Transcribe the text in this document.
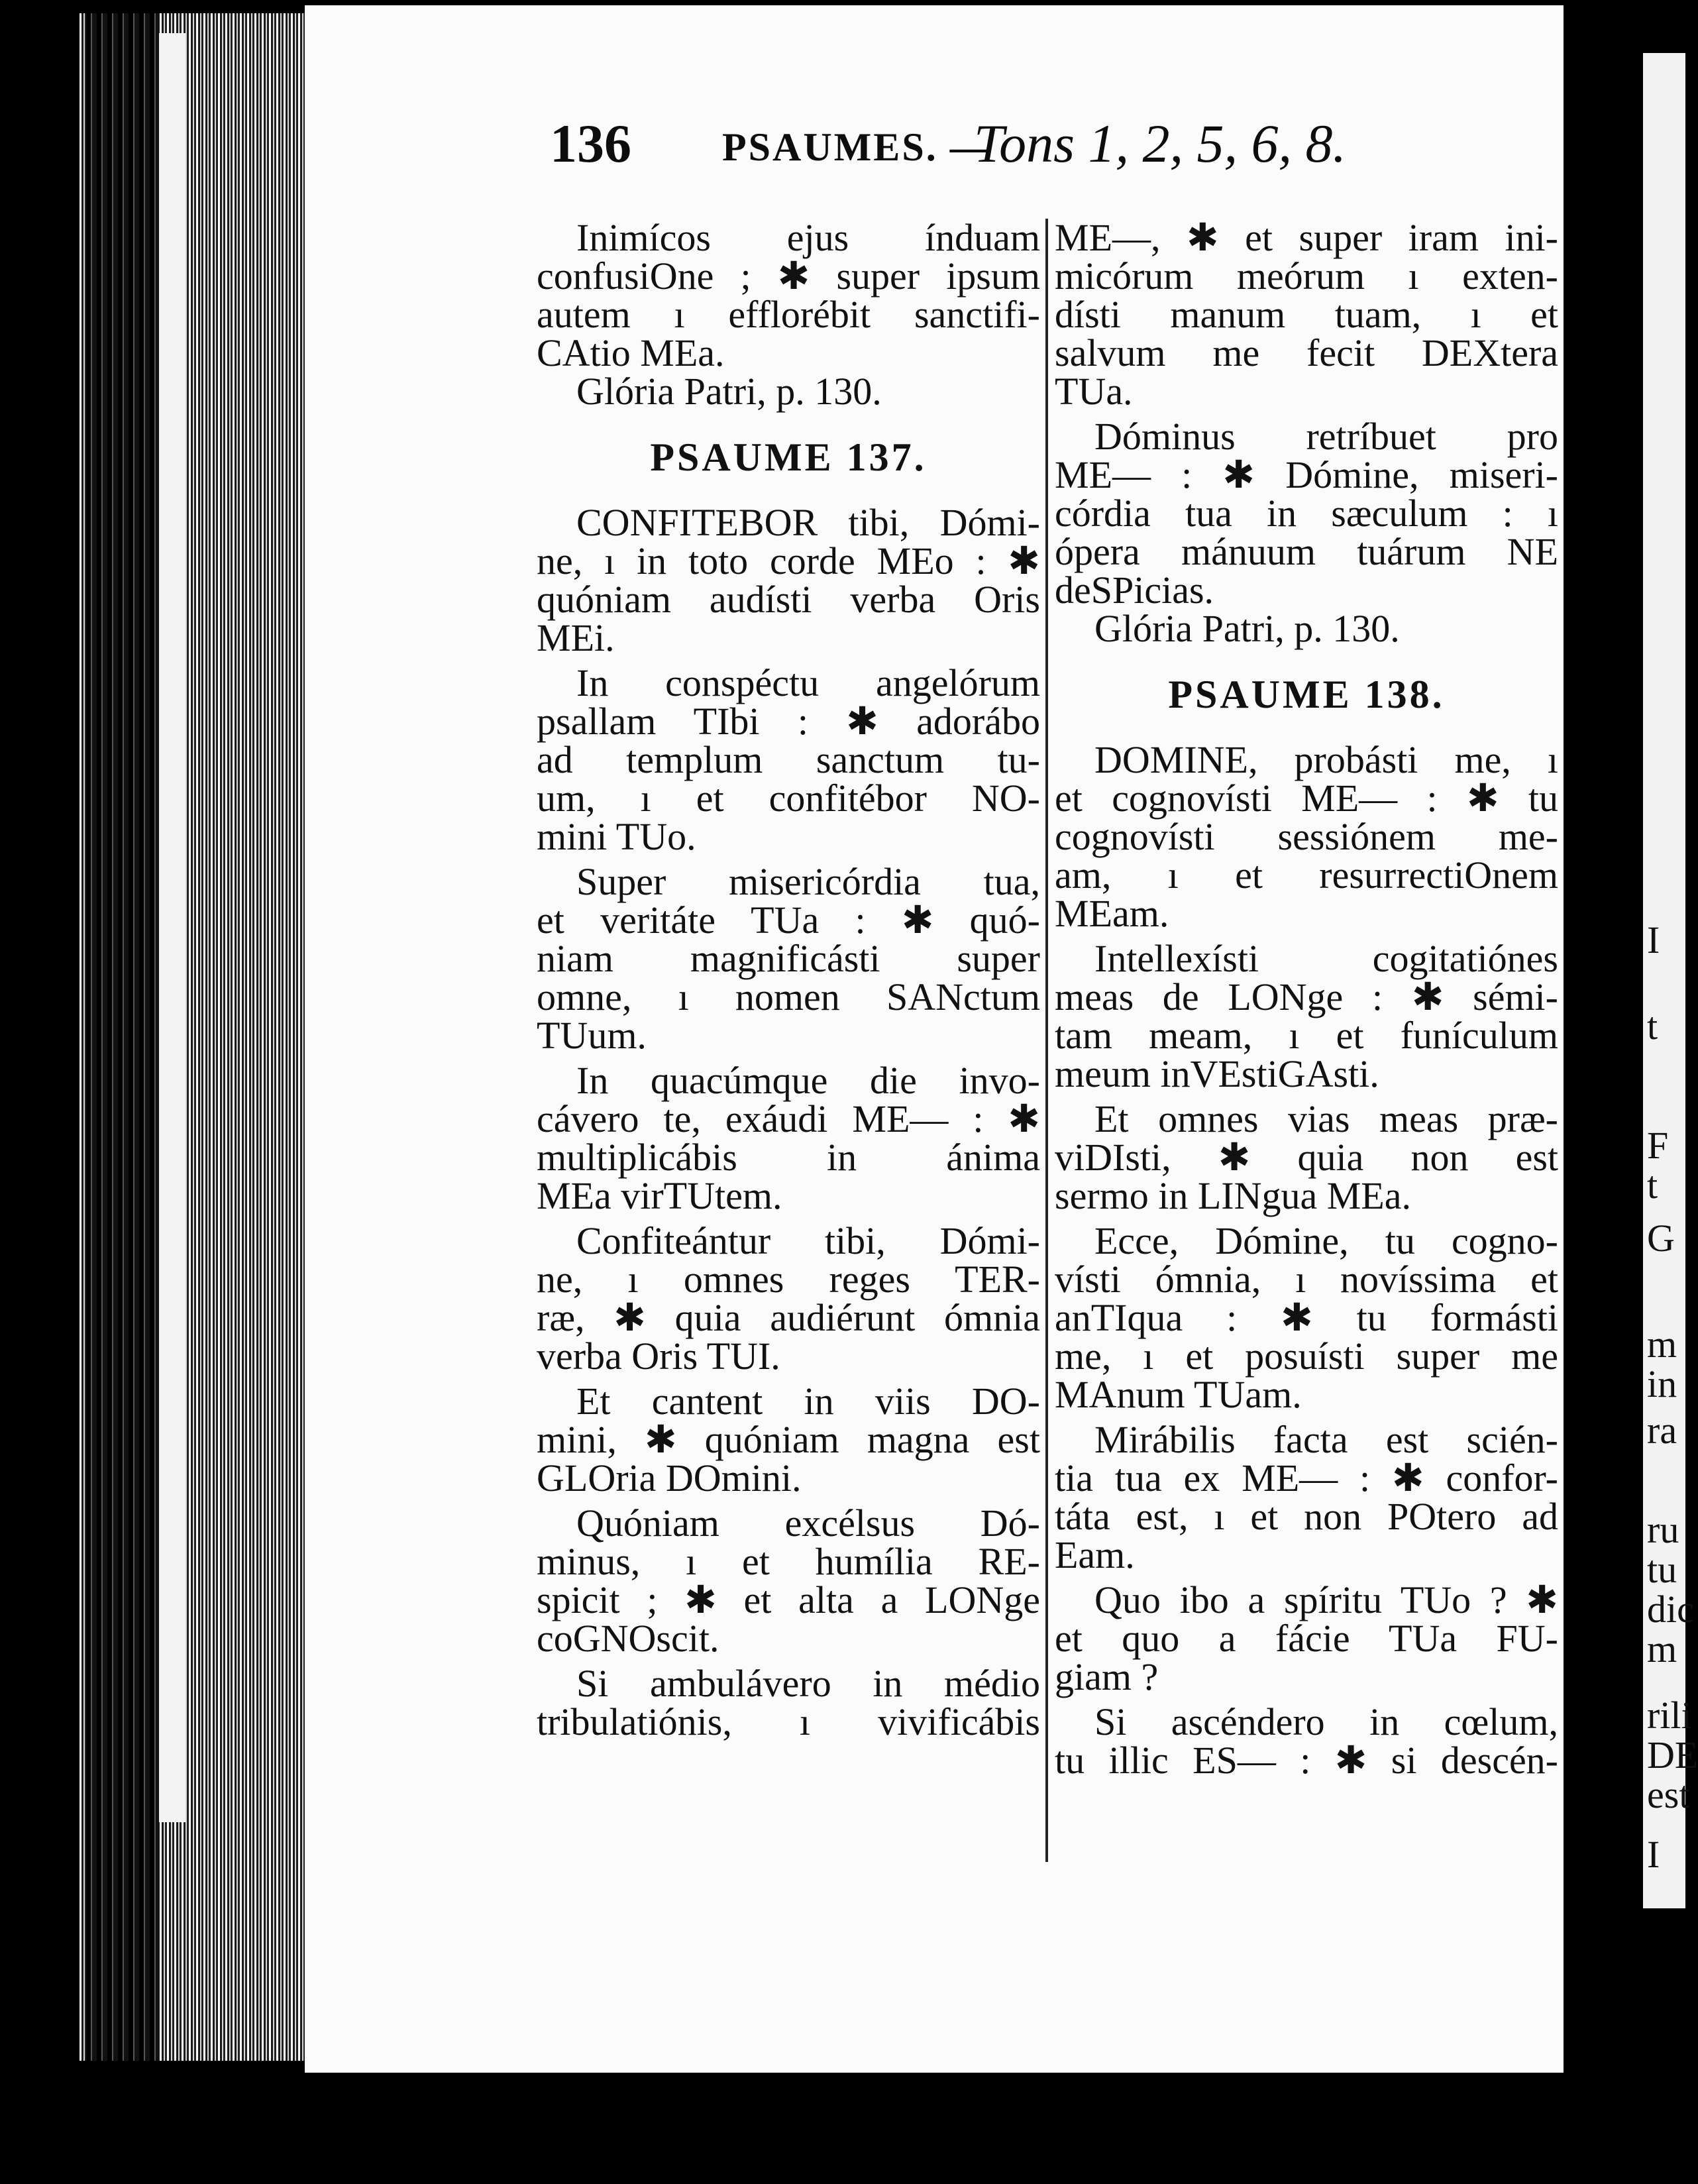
I
t
F
t
G
m
in
ra
ru
tu
dic
m
rili
DE
est
I
136 PSAUMES. —
Tons 1, 2, 5, 6, 8.
Inimícos ejus índuam
confusiOne ; ✱ super ipsum
autem ı efflorébit sanctifi-
CAtio MEa.
Glória Patri, p. 130.
PSAUME 137.
CONFITEBOR tibi, Dómi-
ne, ı in toto corde MEo : ✱
quóniam audísti verba Oris
MEi.
In conspéctu angelórum
psallam TIbi : ✱ adorábo
ad templum sanctum tu-
um, ı et confitébor NO-
mini TUo.
Super misericórdia tua,
et veritáte TUa : ✱ quó-
niam magnificásti super
omne, ı nomen SANctum
TUum.
In quacúmque die invo-
cávero te, exáudi ME— : ✱
multiplicábis in ánima
MEa virTUtem.
Confiteántur tibi, Dómi-
ne, ı omnes reges TER-
ræ, ✱ quia audiérunt ómnia
verba Oris TUI.
Et cantent in viis DO-
mini, ✱ quóniam magna est
GLOria DOmini.
Quóniam excélsus Dó-
minus, ı et humília RE-
spicit ; ✱ et alta a LONge
coGNOscit.
Si ambulávero in médio
tribulatiónis, ı vivificábis
ME—, ✱ et super iram ini-
micórum meórum ı exten-
dísti manum tuam, ı et
salvum me fecit DEXtera
TUa.
Dóminus retríbuet pro
ME— : ✱ Dómine, miseri-
córdia tua in sæculum : ı
ópera mánuum tuárum NE
deSPicias.
Glória Patri, p. 130.
PSAUME 138.
DOMINE, probásti me, ı
et cognovísti ME— : ✱ tu
cognovísti sessiónem me-
am, ı et resurrectiOnem
MEam.
Intellexísti cogitatiónes
meas de LONge : ✱ sémi-
tam meam, ı et funículum
meum inVEstiGAsti.
Et omnes vias meas præ-
viDIsti, ✱ quia non est
sermo in LINgua MEa.
Ecce, Dómine, tu cogno-
vísti ómnia, ı novíssima et
anTIqua : ✱ tu formásti
me, ı et posuísti super me
MAnum TUam.
Mirábilis facta est scién-
tia tua ex ME— : ✱ confor-
táta est, ı et non POtero ad
Eam.
Quo ibo a spíritu TUo ? ✱
et quo a fácie TUa FU-
giam ?
Si ascéndero in cœlum,
tu illic ES— : ✱ si descén-
